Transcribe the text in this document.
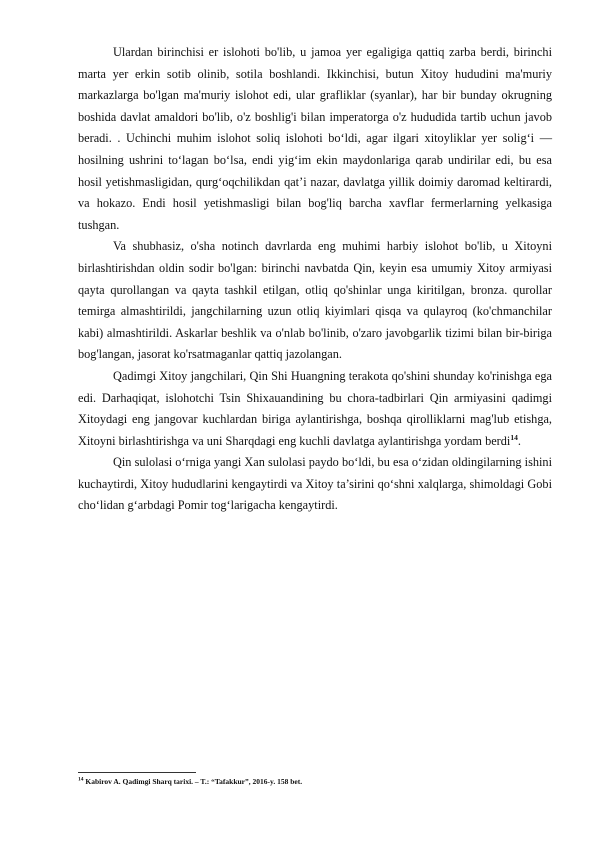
Ulardan birinchisi er islohoti bo'lib, u jamoa yer egaligiga qattiq zarba berdi, birinchi marta yer erkin sotib olinib, sotila boshlandi. Ikkinchisi, butun Xitoy hududini ma'muriy markazlarga bo'lgan ma'muriy islohot edi, ular grafliklar (syanlar), har bir bunday okrugning boshida davlat amaldori bo'lib, o'z boshlig'i bilan imperatorga o'z hududida tartib uchun javob beradi. . Uchinchi muhim islohot soliq islohoti bo‘ldi, agar ilgari xitoyliklar yer solig‘i — hosilning ushrini to‘lagan bo‘lsa, endi yig‘im ekin maydonlariga qarab undirilar edi, bu esa hosil yetishmasligidan, qurg‘oqchilikdan qat’i nazar, davlatga yillik doimiy daromad keltirardi, va hokazo. Endi hosil yetishmasligi bilan bog'liq barcha xavflar fermerlarning yelkasiga tushgan.

Va shubhasiz, o'sha notinch davrlarda eng muhimi harbiy islohot bo'lib, u Xitoyni birlashtirishdan oldin sodir bo'lgan: birinchi navbatda Qin, keyin esa umumiy Xitoy armiyasi qayta qurollangan va qayta tashkil etilgan, otliq qo'shinlar unga kiritilgan, bronza. qurollar temirga almashtirildi, jangchilarning uzun otliq kiyimlari qisqa va qulayroq (ko'chmanchilar kabi) almashtirildi. Askarlar beshlik va o'nlab bo'linib, o'zaro javobgarlik tizimi bilan bir-biriga bog'langan, jasorat ko'rsatmaganlar qattiq jazolangan.

Qadimgi Xitoy jangchilari, Qin Shi Huangning terakota qo'shini shunday ko'rinishga ega edi. Darhaqiqat, islohotchi Tsin Shixauandining bu chora-tadbirlari Qin armiyasini qadimgi Xitoydagi eng jangovar kuchlardan biriga aylantirishga, boshqa qirolliklarni mag'lub etishga, Xitoyni birlashtirishga va uni Sharqdagi eng kuchli davlatga aylantirishga yordam berdi$^{14}$.

Qin sulolasi o‘rniga yangi Xan sulolasi paydo bo‘ldi, bu esa o‘zidan oldingilarning ishini kuchaytirdi, Xitoy hududlarini kengaytirdi va Xitoy ta’sirini qo‘shni xalqlarga, shimoldagi Gobi cho‘lidan g‘arbdagi Pomir tog‘larigacha kengaytirdi.

$^{14}$ Kabirov A. Qadimgi Sharq tarixi. – T.: “Tafakkur”, 2016-y. 158 bet.
